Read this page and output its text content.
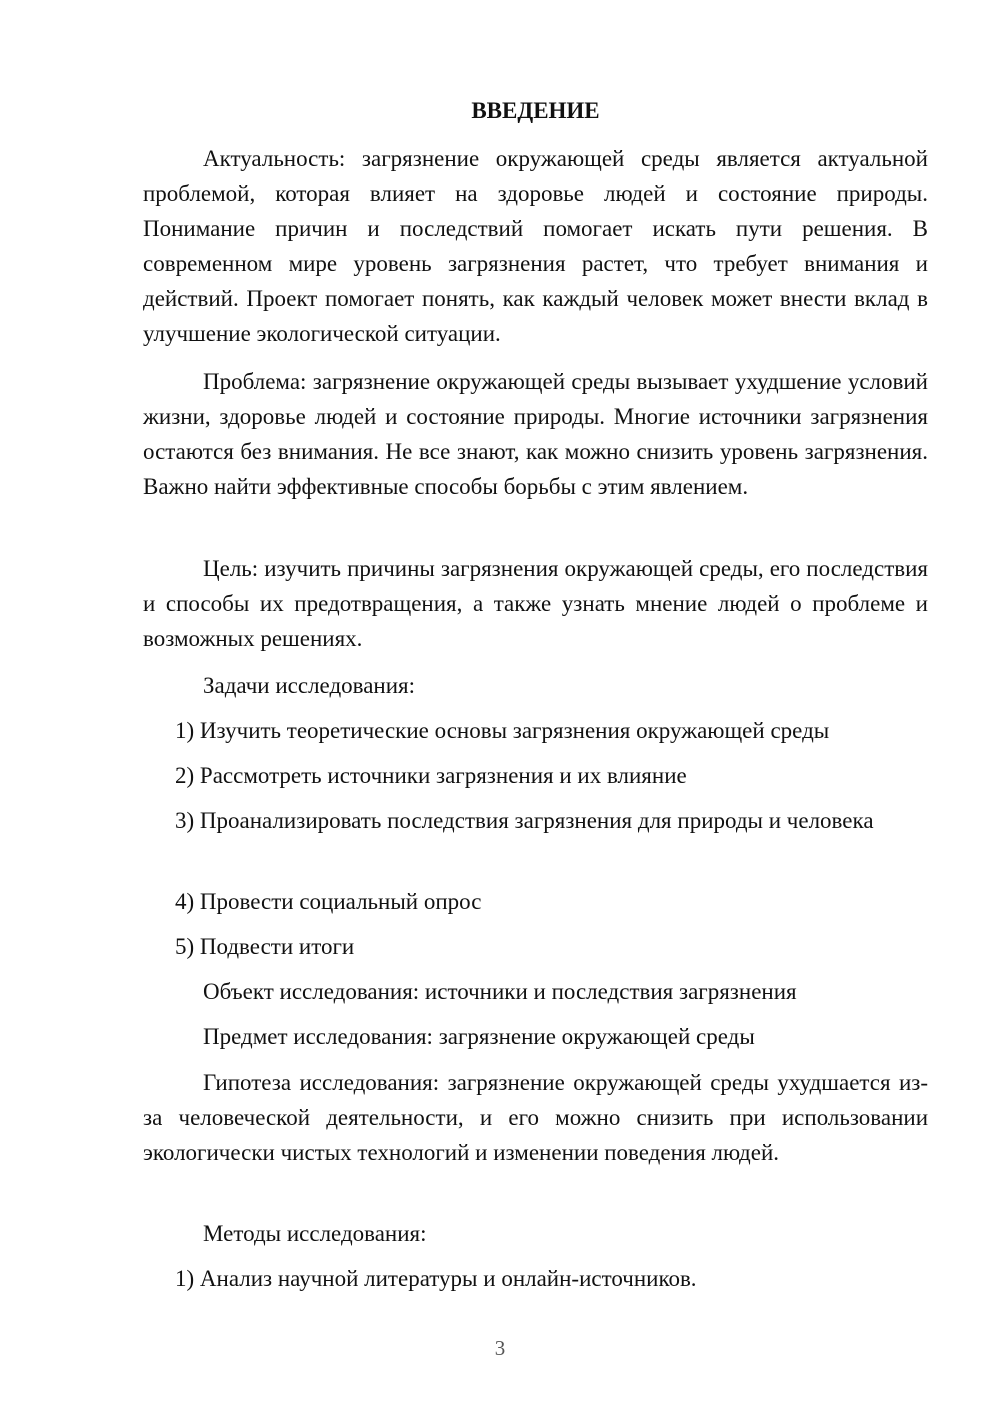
ВВЕДЕНИЕ

Актуальность: загрязнение окружающей среды является актуальной проблемой, которая влияет на здоровье людей и состояние природы. Понимание причин и последствий помогает искать пути решения. В современном мире уровень загрязнения растет, что требует внимания и действий. Проект помогает понять, как каждый человек может внести вклад в улучшение экологической ситуации.

Проблема: загрязнение окружающей среды вызывает ухудшение условий жизни, здоровье людей и состояние природы. Многие источники загрязнения остаются без внимания. Не все знают, как можно снизить уровень загрязнения. Важно найти эффективные способы борьбы с этим явлением.

Цель: изучить причины загрязнения окружающей среды, его последствия и способы их предотвращения, а также узнать мнение людей о проблеме и возможных решениях.

Задачи исследования:

1) Изучить теоретические основы загрязнения окружающей среды

2) Рассмотреть источники загрязнения и их влияние

3) Проанализировать последствия загрязнения для природы и человека

4) Провести социальный опрос

5) Подвести итоги

Объект исследования: источники и последствия загрязнения

Предмет исследования: загрязнение окружающей среды

Гипотеза исследования: загрязнение окружающей среды ухудшается из-за человеческой деятельности, и его можно снизить при использовании экологически чистых технологий и изменении поведения людей.

Методы исследования:

1) Анализ научной литературы и онлайн-источников.

3
